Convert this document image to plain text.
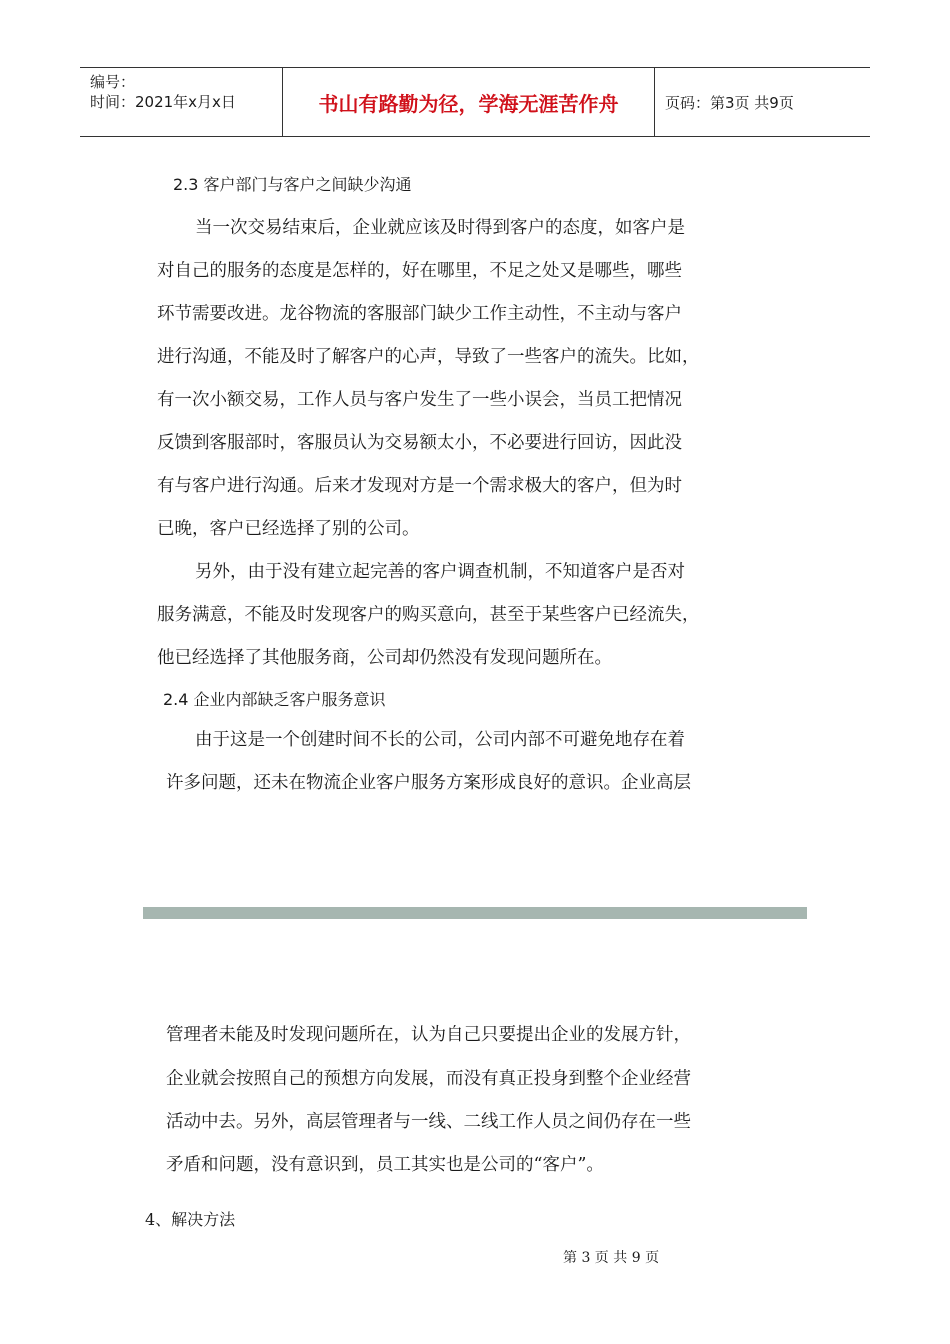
编号：
时间：2021年x月x日	书山有路勤为径，学海无涯苦作舟	页码：第3页 共9页
2.3 客户部门与客户之间缺少沟通
当一次交易结束后，企业就应该及时得到客户的态度，如客户是
对自己的服务的态度是怎样的，好在哪里，不足之处又是哪些，哪些
环节需要改进。龙谷物流的客服部门缺少工作主动性，不主动与客户
进行沟通，不能及时了解客户的心声，导致了一些客户的流失。比如，
有一次小额交易，工作人员与客户发生了一些小误会，当员工把情况
反馈到客服部时，客服员认为交易额太小，不必要进行回访，因此没
有与客户进行沟通。后来才发现对方是一个需求极大的客户，但为时
已晚，客户已经选择了别的公司。
另外，由于没有建立起完善的客户调查机制，不知道客户是否对
服务满意，不能及时发现客户的购买意向，甚至于某些客户已经流失，
他已经选择了其他服务商，公司却仍然没有发现问题所在。
2.4 企业内部缺乏客户服务意识
由于这是一个创建时间不长的公司，公司内部不可避免地存在着
许多问题，还未在物流企业客户服务方案形成良好的意识。企业高层
管理者未能及时发现问题所在，认为自己只要提出企业的发展方针，
企业就会按照自己的预想方向发展，而没有真正投身到整个企业经营
活动中去。另外，高层管理者与一线、二线工作人员之间仍存在一些
矛盾和问题，没有意识到，员工其实也是公司的“客户”。
4、解决方法
第 3 页 共 9 页
